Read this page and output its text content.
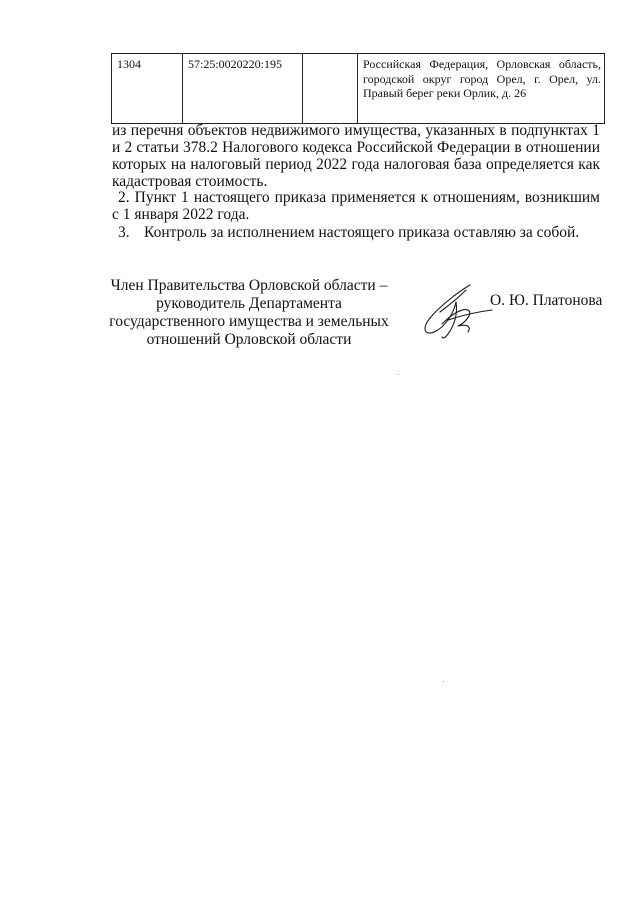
1304	57:25:0020220:195		Российская Федерация, Орловская область, городской округ город Орел, г. Орел, ул. Правый берег реки Орлик, д. 26

из перечня объектов недвижимого имущества, указанных в подпунктах 1 и 2 статьи 378.2 Налогового кодекса Российской Федерации в отношении которых на налоговый период 2022 года налоговая база определяется как кадастровая стоимость.

2. Пункт 1 настоящего приказа применяется к отношениям, возникшим с 1 января 2022 года.

3. Контроль за исполнением настоящего приказа оставляю за собой.

Член Правительства Орловской области –
руководитель Департамента
государственного имущества и земельных
отношений Орловской области
О. Ю. Платонова
